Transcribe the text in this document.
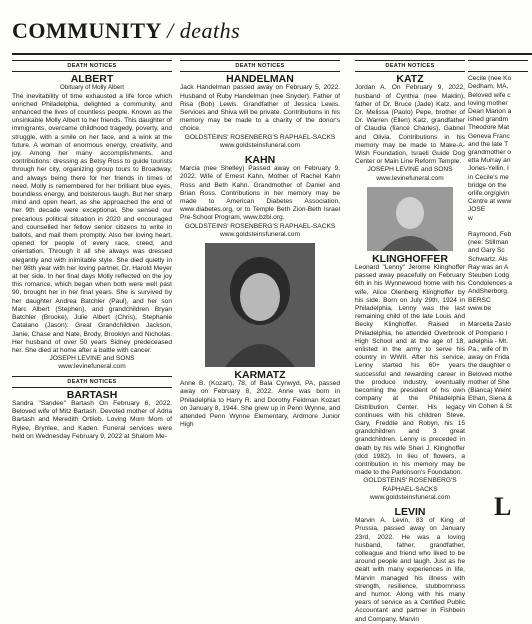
COMMUNITY / deaths
DEATH NOTICES
ALBERT
Obituary of Molly Albert

The inevitability of time exhausted a life force which enriched Philadelphia, delighted a community, and enhanced the lives of countless people. Known as the unsinkable Molly Albert to her friends. This daughter of immigrants, overcame childhood tragedy, poverty, and struggle, with a smile on her face, and a wink at the future. A woman of enormous energy, creativity, and joy. Among her many accomplishments, and contributions: dressing as Betsy Ross to guide tourists through her city, organizing group tours to Broadway, and always being there for her friends in times of need. Molly is remembered for her brilliant blue eyes, boundless energy, and boisterous laugh. But her sharp mind and open heart, as she approached the end of her 9th decade were exceptional. She sensed our precarious political situation in 2020 and encouraged and counselled her fellow senior citizens to write in ballots, and mail them promptly. Also her loving heart, opened for people of every race, creed, and orientation. Through it all she always was dressed elegantly and with inimitable style. She died quietly in her 98th year with her loving partner, Dr. Harold Meyer at her side. In her final days Molly reflected on the joy this romance, which began when both were well past 90, brought her in her final years. She is survived by her daughter Andrea Batchler (Paul), and her son Marc Albert (Stephen), and grandchildren Bryan Batchler (Brooke), Julie Albert (Chris), Stephanie Catalano (Jason): Great Grandchildren Jackson, Janie, Chase and Nate, Brody, Brooklyn and Nicholas. Her husband of over 50 years Sidney predeceased her. She died at home after a battle with cancer.

JOSEPH LEVINE and SONS
www.levinefuneral.com
DEATH NOTICES
BARTASH

Sandra "Sandee" Bartash On February 6, 2022. Beloved wife of Mitz Bartash. Devoted mother of Adria Bartash and Meredith Ortlieb. Loving Mom Mom of Rylee, Brynlee, and Kaden. Funeral services were held on Wednesday February 9, 2022 at Shalom Me-

DEATH NOTICES
HANDELMAN

Jack Handelman passed away on February 5, 2022. Husband of Ruby Handelman (nee Snyder). Father of Risa (Bob) Lewis. Grandfather of Jessica Lewis. Services and Shiva will be private. Contributions in his memory may be made to a charity of the donor's choice.

GOLDSTEINS' ROSENBERG'S RAPHAEL-SACKS
www.goldsteinsfuneral.com
KAHN

Marcia (nee Shelley) Passed away on February 9, 2022. Wife of Ernest Kahn, Mother of Rachel Kahn Ross and Beth Kahn. Grandmother of Daniel and Brian Ross. Contributions in her memory may be made to American Diabetes Association, www.diabetes.org, or to Temple Beth Zion-Beth Israel Pre-School Program, www.bzbi.org.

GOLDSTEINS' ROSENBERG'S RAPHAEL-SACKS
www.goldsteinsfuneral.com
KARMATZ

Anne B. (Kozart), 78, of Bala Cynwyd, PA, passed away on February 8, 2022. Anne was born in Philadelphia to Harry R. and Dorothy Feldman Kozart on January 8, 1944. She grew up in Penn Wynne, and attended Penn Wynne Elementary, Ardmore Junior High

DEATH NOTICES
KATZ

Jordan A. On February 9, 2022, husband of Cynthia (nee Maklin), father of Dr. Bruce (Jade) Katz, and Dr. Melissa (Paolo) Pepe, brother of Dr. Warren (Ellen) Katz, grandfather of Claudia (fiancé Charles), Gabriel and Olivia. Contributions in his memory may be made to Make-A-Wish Foundation, Israeli Guide Dog Center or Main Line Reform Temple.

JOSEPH LEVINE and SONS
www.levinefuneral.com
KLINGHOFFER

Leonard "Lenny" Jerome Klinghoffer passed away peacefully on February 6th in his Wynnewood home with his wife, Alice Olenberg Klinghoffer by his side. Born on July 29th, 1924 in Philadelphia, Lenny was the last remaining child of the late Louis and Becky Klinghoffer. Raised in Philadelphia, he attended Overbrook High School and at the age of 18, enlisted in the army to serve his country in WWII. After his service, Lenny started his 60+ years successful and rewarding career in the produce industry, eventually becoming the president of his own company at the Philadelphia Distribution Center. His legacy continues with his children Steve, Gary, Freddie and Robyn, his 15 grandchildren and 3 great grandchildren. Lenny is preceded in death by his wife Sheri J. Klinghoffer (dcd 1982). In lieu of flowers, a contribution in his memory may be made to the Parkinson's Foundation.

GOLDSTEINS' ROSENBERG'S RAPHAEL-SACKS
www.goldsteinsfuneral.com
LEVIN

Marvin A. Levin, 83 of King of Prussia, passed away on January 23rd, 2022. He was a loving husband, father, grandfather, colleague and friend who liked to be around people and laugh. Just as he dealt with many experiences in life, Marvin managed his illness with strength, resilience, stubbornness and humor. Along with his many years of service as a Certified Public Accountant and partner in Fishbein and Company, Marvin

Cecile (nee Ko
Dedham, MA,
Beloved wife c
loving mother
Dean Marion a
ished grandm
Theodore Mat
Geneva Franc
and the late T
grandmother o
etta Murray an
Jones-Yellin. I
in Cecile's me
bridge on the
orlife.org/givin
Centre at www
JOSE
w

Raymond, Feb
(nee: Stillman
and Gary Sc
Schwartz. Als
Ray was an A
Steuben Lodg
Condolences a
AndSherborg.
BERSC
www.be

Marcella Zaslo
of Pompano I
adelphia - Mt.
Pa., wife of th
away on Frida
the daughter o
Beloved mothe
mother of She
(Bianca) Weint
Ethan, Siena &
vin Cohen & St
L
